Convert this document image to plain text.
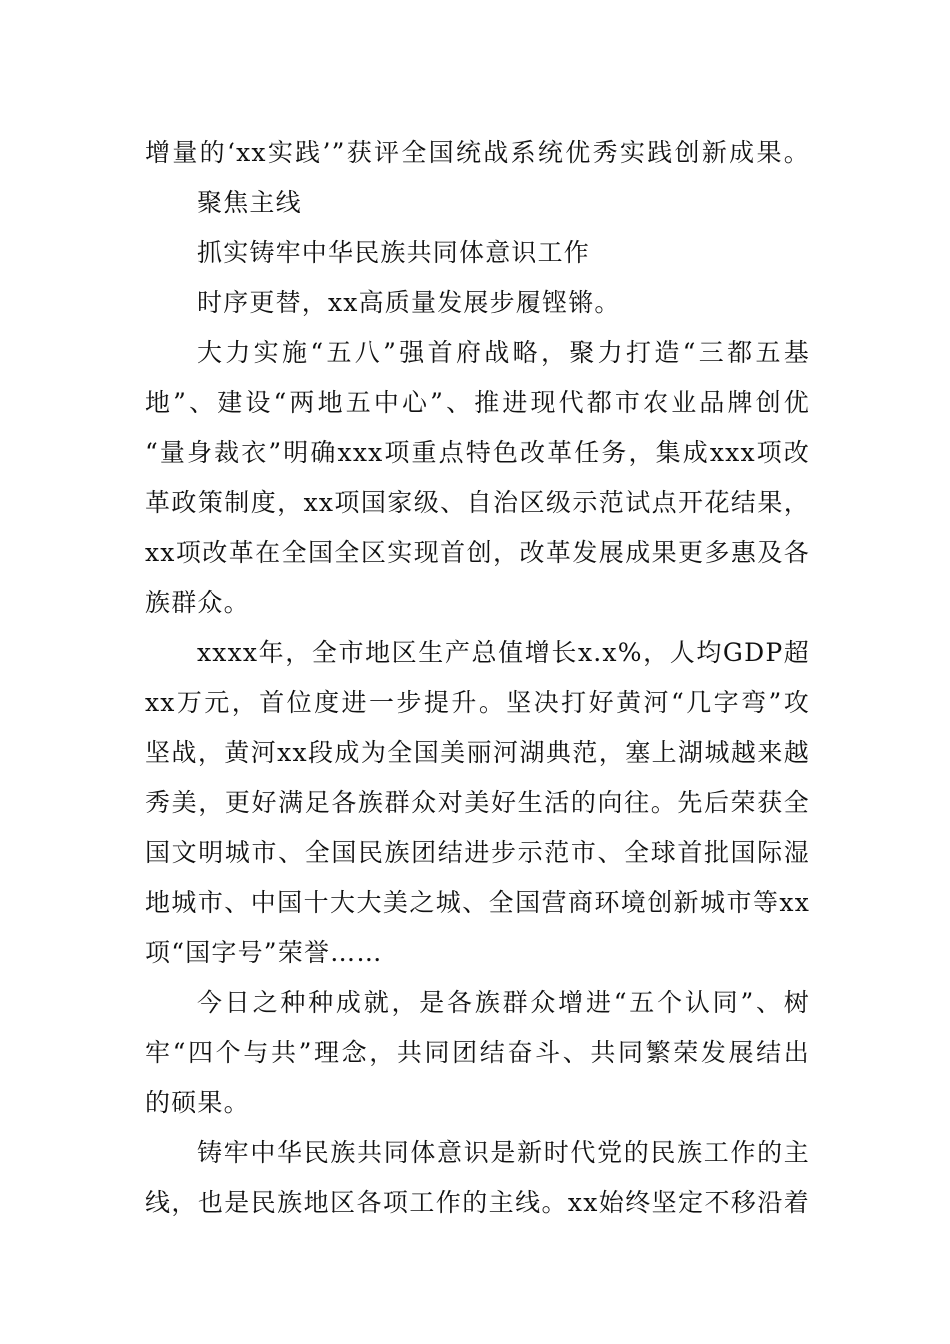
增量的‘xx实践’”获评全国统战系统优秀实践创新成果。
聚焦主线
抓实铸牢中华民族共同体意识工作
时序更替，xx高质量发展步履铿锵。
大力实施“五八”强首府战略，聚力打造“三都五基
地”、建设“两地五中心”、推进现代都市农业品牌创优
“量身裁衣”明确xxx项重点特色改革任务，集成xxx项改
革政策制度，xx项国家级、自治区级示范试点开花结果，
xx项改革在全国全区实现首创，改革发展成果更多惠及各
族群众。
xxxx年，全市地区生产总值增长x.x%，人均GDP超
xx万元，首位度进一步提升。坚决打好黄河“几字弯”攻
坚战，黄河xx段成为全国美丽河湖典范，塞上湖城越来越
秀美，更好满足各族群众对美好生活的向往。先后荣获全
国文明城市、全国民族团结进步示范市、全球首批国际湿
地城市、中国十大大美之城、全国营商环境创新城市等xx
项“国字号”荣誉……
今日之种种成就，是各族群众增进“五个认同”、树
牢“四个与共”理念，共同团结奋斗、共同繁荣发展结出
的硕果。
铸牢中华民族共同体意识是新时代党的民族工作的主
线，也是民族地区各项工作的主线。xx始终坚定不移沿着
